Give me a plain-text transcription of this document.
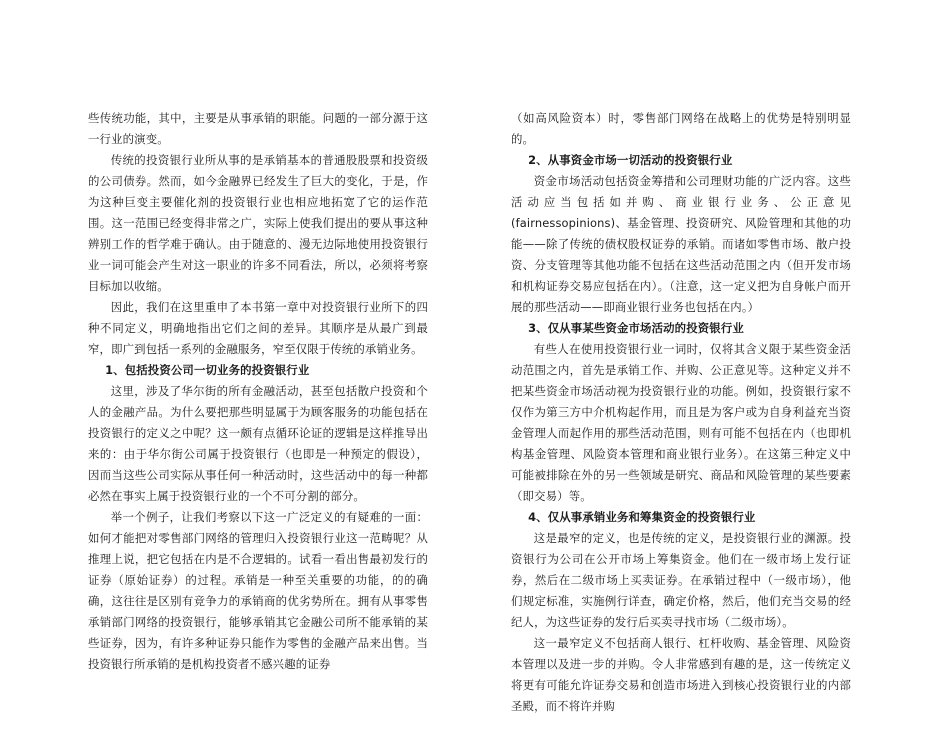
些传统功能，其中，主要是从事承销的职能。问题的一部分源于这一行业的演变。

传统的投资银行业所从事的是承销基本的普通股股票和投资级的公司债券。然而，如今金融界已经发生了巨大的变化，于是，作为这种巨变主要催化剂的投资银行业也相应地拓宽了它的运作范围。这一范围已经变得非常之广，实际上使我们提出的要从事这种辨别工作的哲学难于确认。由于随意的、漫无边际地使用投资银行业一词可能会产生对这一职业的许多不同看法，所以，必须将考察目标加以收缩。

因此，我们在这里重申了本书第一章中对投资银行业所下的四种不同定义，明确地指出它们之间的差异。其顺序是从最广到最窄，即广到包括一系列的金融服务，窄至仅限于传统的承销业务。

1、包括投资公司一切业务的投资银行业

这里，涉及了华尔街的所有金融活动，甚至包括散户投资和个人的金融产品。为什么要把那些明显属于为顾客服务的功能包括在投资银行的定义之中呢？这一颇有点循环论证的逻辑是这样推导出来的：由于华尔街公司属于投资银行（也即是一种预定的假设），因而当这些公司实际从事任何一种活动时，这些活动中的每一种都必然在事实上属于投资银行业的一个不可分割的部分。

举一个例子，让我们考察以下这一广泛定义的有疑难的一面：如何才能把对零售部门网络的管理归入投资银行业这一范畴呢？从推理上说，把它包括在内是不合逻辑的。试看一看出售最初发行的证券（原始证券）的过程。承销是一种至关重要的功能，的的确确，这往往是区别有竞争力的承销商的优劣势所在。拥有从事零售承销部门网络的投资银行，能够承销其它金融公司所不能承销的某些证券，因为，有许多种证券只能作为零售的金融产品来出售。当投资银行所承销的是机构投资者不感兴趣的证券

（如高风险资本）时，零售部门网络在战略上的优势是特别明显的。

2、从事资金市场一切活动的投资银行业

资金市场活动包括资金筹措和公司理财功能的广泛内容。这些活动应当包括如并购、商业银行业务、公正意见(fairnessopinions)、基金管理、投资研究、风险管理和其他的功能——除了传统的债权股权证券的承销。而诸如零售市场、散户投资、分支管理等其他功能不包括在这些活动范围之内（但开发市场和机构证券交易应包括在内）。（注意，这一定义把为自身帐户而开展的那些活动——即商业银行业务也包括在内。）

3、仅从事某些资金市场活动的投资银行业

有些人在使用投资银行业一词时，仅将其含义限于某些资金活动范围之内，首先是承销工作、并购、公正意见等。这种定义并不把某些资金市场活动视为投资银行业的功能。例如，投资银行家不仅作为第三方中介机构起作用，而且是为客户或为自身利益充当资金管理人而起作用的那些活动范围，则有可能不包括在内（也即机构基金管理、风险资本管理和商业银行业务）。在这第三种定义中可能被排除在外的另一些领域是研究、商品和风险管理的某些要素（即交易）等。

4、仅从事承销业务和筹集资金的投资银行业

这是最窄的定义，也是传统的定义，是投资银行业的渊源。投资银行为公司在公开市场上筹集资金。他们在一级市场上发行证券，然后在二级市场上买卖证券。在承销过程中（一级市场），他们规定标准，实施例行详查，确定价格，然后，他们充当交易的经纪人，为这些证券的发行后买卖寻找市场（二级市场）。

这一最窄定义不包括商人银行、杠杆收购、基金管理、风险资本管理以及进一步的并购。令人非常感到有趣的是，这一传统定义将更有可能允许证券交易和创造市场进入到核心投资银行业的内部圣殿，而不将许并购
